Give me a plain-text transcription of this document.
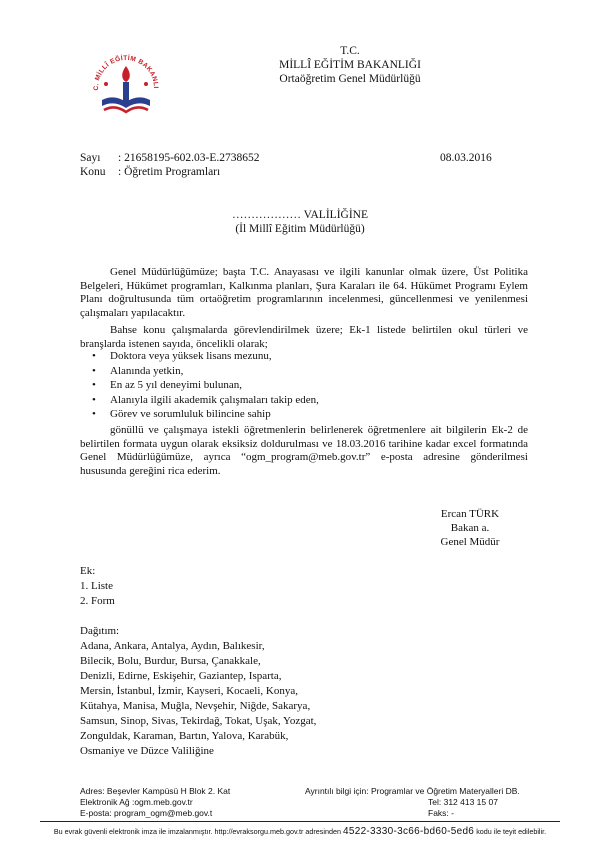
C. MİLLÎ EĞİTİM BAKANLI
T.C.
MİLLÎ EĞİTİM BAKANLIĞI
Ortaöğretim Genel Müdürlüğü
Sayı : 21658195-602.03-E.2738652
Konu : Öğretim Programları
08.03.2016
……………… VALİLİĞİNE
(İl Millî Eğitim Müdürlüğü)
Genel Müdürlüğümüze; başta T.C. Anayasası ve ilgili kanunlar olmak üzere, Üst Politika Belgeleri, Hükümet programları, Kalkınma planları, Şura Karaları ile 64. Hükümet Programı Eylem Planı doğrultusunda tüm ortaöğretim programlarının incelenmesi, güncellenmesi ve yenilenmesi çalışmaları yapılacaktır.
Bahse konu çalışmalarda görevlendirilmek üzere; Ek-1 listede belirtilen okul türleri ve branşlarda istenen sayıda, öncelikli olarak;
• Doktora veya yüksek lisans mezunu,
• Alanında yetkin,
• En az 5 yıl deneyimi bulunan,
• Alanıyla ilgili akademik çalışmaları takip eden,
• Görev ve sorumluluk bilincine sahip
gönüllü ve çalışmaya istekli öğretmenlerin belirlenerek öğretmenlere ait bilgilerin Ek-2 de belirtilen formata uygun olarak eksiksiz doldurulması ve 18.03.2016 tarihine kadar excel formatında Genel Müdürlüğümüze, ayrıca “ogm_program@meb.gov.tr” e-posta adresine gönderilmesi hususunda gereğini rica ederim.
Ercan TÜRK
Bakan a.
Genel Müdür
Ek:
1. Liste
2. Form
Dağıtım:
Adana, Ankara, Antalya, Aydın, Balıkesir,
Bilecik, Bolu, Burdur, Bursa, Çanakkale,
Denizli, Edirne, Eskişehir, Gaziantep, Isparta,
Mersin, İstanbul, İzmir, Kayseri, Kocaeli, Konya,
Kütahya, Manisa, Muğla, Nevşehir, Niğde, Sakarya,
Samsun, Sinop, Sivas, Tekirdağ, Tokat, Uşak, Yozgat,
Zonguldak, Karaman, Bartın, Yalova, Karabük,
Osmaniye ve Düzce Valiliğine
Adres: Beşevler Kampüsü H Blok 2. Kat
Elektronik Ağ :ogm.meb.gov.tr
E-posta: program_ogm@meb.gov.t
Ayrıntılı bilgi için: Programlar ve Öğretim Materyalleri DB.
Tel: 312 413 15 07
Faks: -
Bu evrak güvenli elektronik imza ile imzalanmıştır. http://evraksorgu.meb.gov.tr adresinden 4522-3330-3c66-bd60-5ed6 kodu ile teyit edilebilir.
